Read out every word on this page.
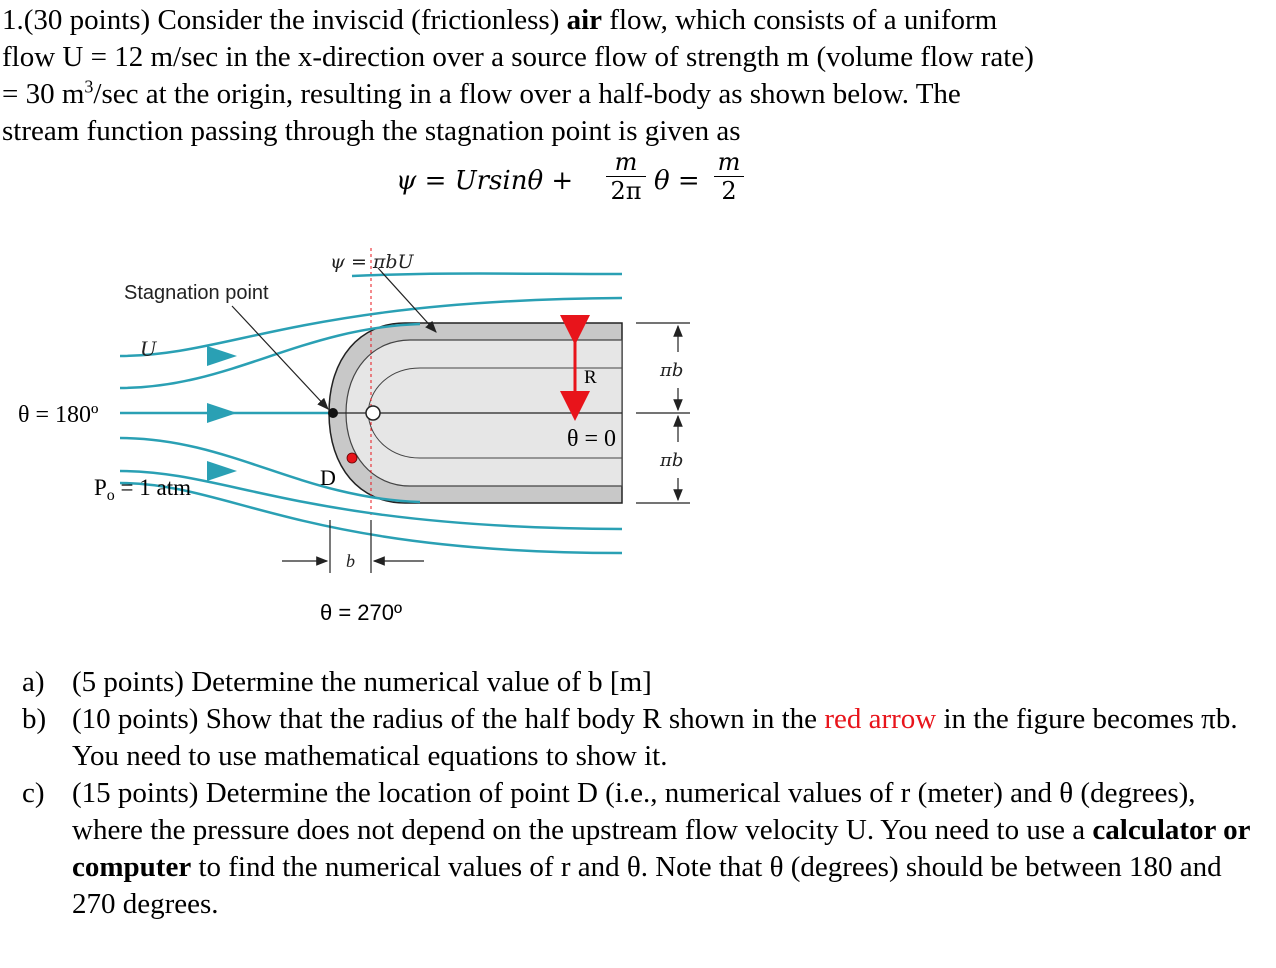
1.(30 points) Consider the inviscid (frictionless) air flow, which consists of a uniform
flow U = 12 m/sec in the x-direction over a source flow of strength m (volume flow rate)
= 30 $m^3/\sec$ at the origin, resulting in a flow over a half-body as shown below. The
stream function passing through the stagnation point is given as
ψ = Ursinθ +
m
2π θ =
m
2
ψ = πbU
Stagnation point
U
θ = 180º
$P_o = 1$ atm
R
θ = 0
πb
πb
D
b
θ = 270º
a) (5 points) Determine the numerical value of b [m]
b) (10 points) Show that the radius of the half body R shown in the red arrow in the figure becomes πb. You need to use mathematical equations to show it.
c) (15 points) Determine the location of point D (i.e., numerical values of r (meter) and θ (degrees), where the pressure does not depend on the upstream flow velocity U. You need to use a calculator or computer to find the numerical values of r and θ. Note that θ (degrees) should be between 180 and 270 degrees.
